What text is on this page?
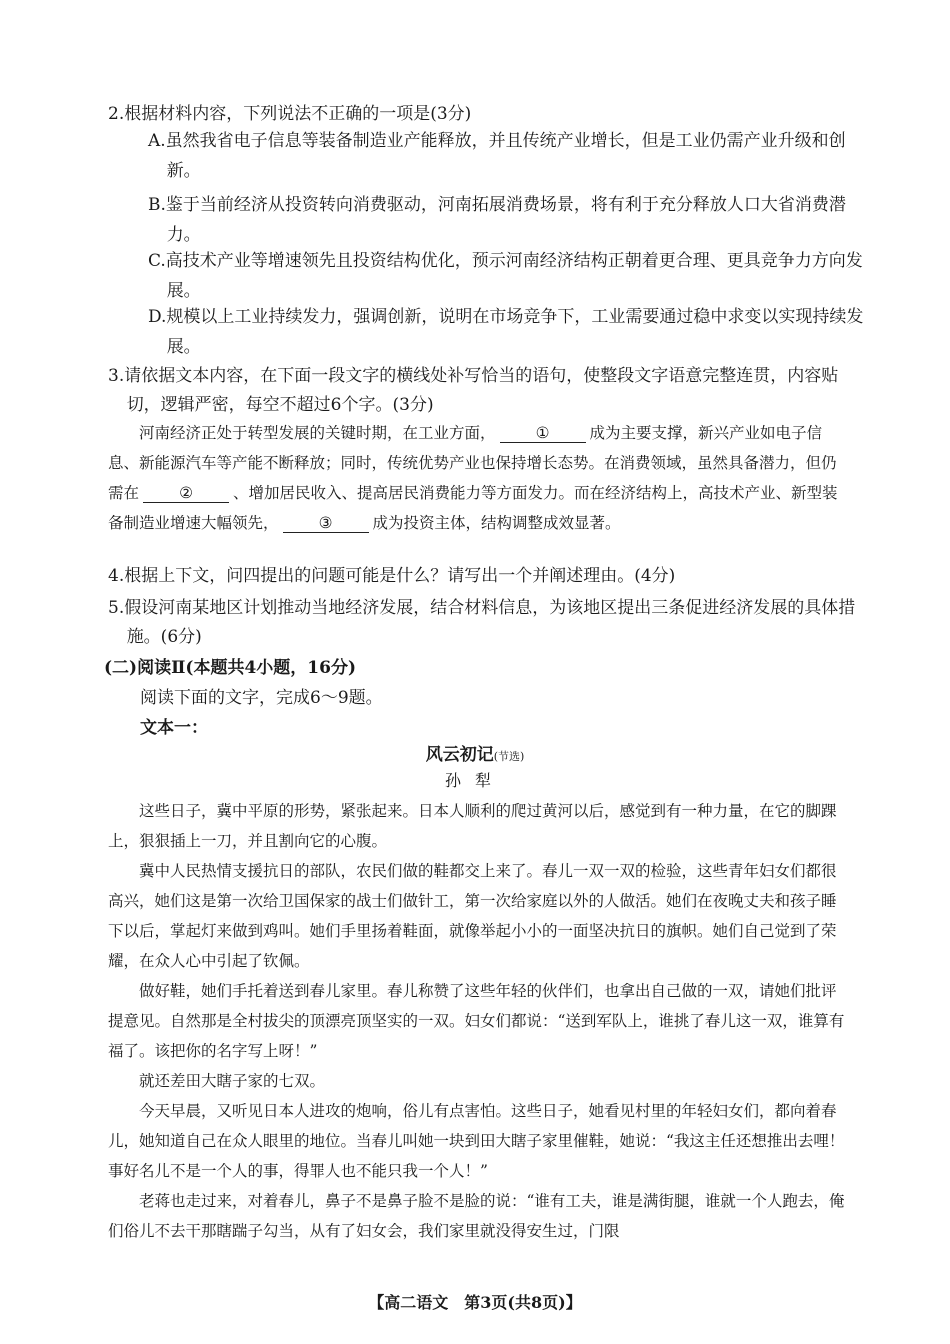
2.根据材料内容，下列说法不正确的一项是(3分)
A.虽然我省电子信息等装备制造业产能释放，并且传统产业增长，但是工业仍需产业升级和创新。
B.鉴于当前经济从投资转向消费驱动，河南拓展消费场景，将有利于充分释放人口大省消费潜力。
C.高技术产业等增速领先且投资结构优化，预示河南经济结构正朝着更合理、更具竞争力方向发展。
D.规模以上工业持续发力，强调创新，说明在市场竞争下，工业需要通过稳中求变以实现持续发展。
3.请依据文本内容，在下面一段文字的横线处补写恰当的语句，使整段文字语意完整连贯，内容贴切，逻辑严密，每空不超过6个字。(3分)
河南经济正处于转型发展的关键时期，在工业方面，	①	成为主要支撑，新兴产业如电子信息、新能源汽车等产能不断释放；同时，传统优势产业也保持增长态势。在消费领域，虽然具备潜力，但仍需在	②	、增加居民收入、提高居民消费能力等方面发力。而在经济结构上，高技术产业、新型装备制造业增速大幅领先，	③	成为投资主体，结构调整成效显著。
4.根据上下文，问四提出的问题可能是什么？请写出一个并阐述理由。(4分)
5.假设河南某地区计划推动当地经济发展，结合材料信息，为该地区提出三条促进经济发展的具体措施。(6分)
(二)阅读Ⅱ(本题共4小题，16分)
阅读下面的文字，完成6～9题。
文本一：
风云初记(节选)
孙犁
这些日子，冀中平原的形势，紧张起来。日本人顺利的爬过黄河以后，感觉到有一种力量，在它的脚踝上，狠狠插上一刀，并且割向它的心腹。
冀中人民热情支援抗日的部队，农民们做的鞋都交上来了。春儿一双一双的检验，这些青年妇女们都很高兴，她们这是第一次给卫国保家的战士们做针工，第一次给家庭以外的人做活。她们在夜晚丈夫和孩子睡下以后，掌起灯来做到鸡叫。她们手里扬着鞋面，就像举起小小的一面坚决抗日的旗帜。她们自己觉到了荣耀，在众人心中引起了钦佩。
做好鞋，她们手托着送到春儿家里。春儿称赞了这些年轻的伙伴们，也拿出自己做的一双，请她们批评提意见。自然那是全村拔尖的顶漂亮顶坚实的一双。妇女们都说：“送到军队上，谁挑了春儿这一双，谁算有福了。该把你的名字写上呀！”
就还差田大瞎子家的七双。
今天早晨，又听见日本人进攻的炮响，俗儿有点害怕。这些日子，她看见村里的年轻妇女们，都向着春儿，她知道自己在众人眼里的地位。当春儿叫她一块到田大瞎子家里催鞋，她说：“我这主任还想推出去哩！事好名儿不是一个人的事，得罪人也不能只我一个人！”
老蒋也走过来，对着春儿，鼻子不是鼻子脸不是脸的说：“谁有工夫，谁是满街腿，谁就一个人跑去，俺们俗儿不去干那瞎踹子勾当，从有了妇女会，我们家里就没得安生过，门限
【高二语文　第3页(共8页)】
